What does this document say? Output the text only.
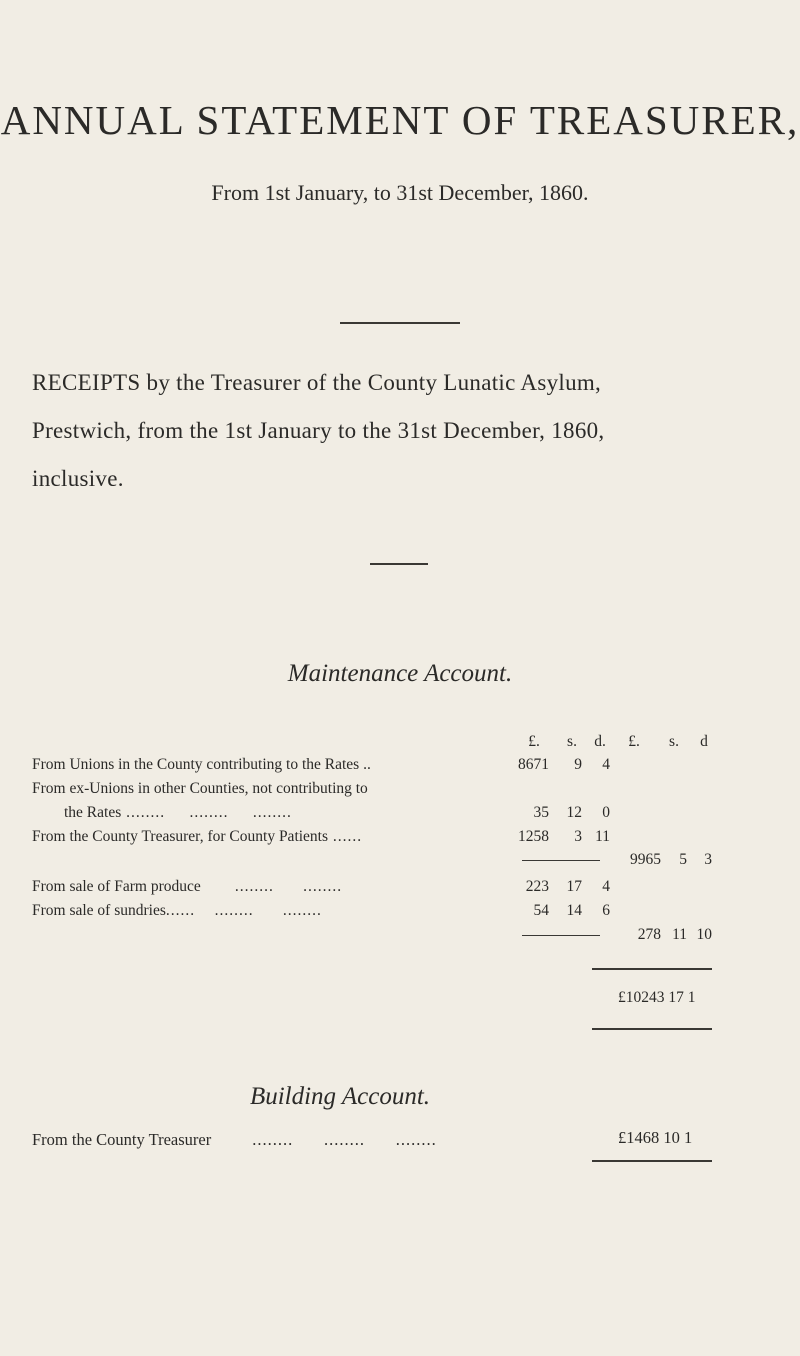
ANNUAL STATEMENT OF TREASURER,
From 1st January, to 31st December, 1860.
RECEIPTS by the Treasurer of the County Lunatic Asylum,
Prestwich, from the 1st January to the 31st December, 1860,
inclusive.
Maintenance Account.
£.	s.	d.	£.	s.	d
From Unions in the County contributing to the Rates ..	8671	9	4
From ex-Unions in other Counties, not contributing to
the Rates ........     ........     ........	35	12	0
From the County Treasurer, for County Patients ......	1258	3 11
9965	5	3
From sale of Farm produce       ........      ........	223	17	4
From sale of sundries......    ........      ........	54	14	6
278 11 10
£10243 17 1
Building Account.
From the County Treasurer        ........      ........      ........	£1468 10 1
